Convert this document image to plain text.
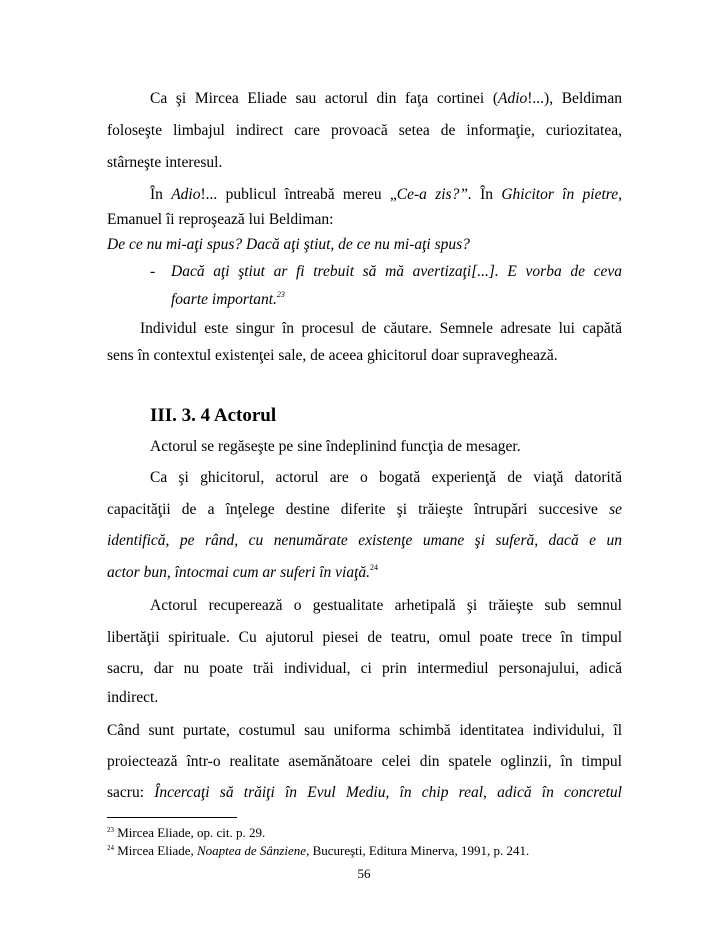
Ca şi Mircea Eliade sau actorul din faţa cortinei (Adio!...), Beldiman
foloseşte limbajul indirect care provoacă setea de informaţie, curiozitatea,
stârneşte interesul.
În Adio!... publicul întreabă mereu „Ce-a zis?”. În Ghicitor în pietre,
Emanuel îi reproşează lui Beldiman:
De ce nu mi-aţi spus? Dacă aţi ştiut, de ce nu mi-aţi spus?
-	Dacă aţi ştiut ar fi trebuit să mă avertizaţi[...]. E vorba de ceva
foarte important.$^{23}$
Individul este singur în procesul de căutare. Semnele adresate lui capătă
sens în contextul existenţei sale, de aceea ghicitorul doar supraveghează.
III. 3. 4 Actorul
Actorul se regăseşte pe sine îndeplinind funcţia de mesager.
Ca şi ghicitorul, actorul are o bogată experienţă de viaţă datorită
capacităţii de a înţelege destine diferite şi trăieşte întrupări succesive se
identifică, pe rând, cu nenumărate existenţe umane şi suferă, dacă e un
actor bun, întocmai cum ar suferi în viaţă.$^{24}$
Actorul recuperează o gestualitate arhetipală şi trăieşte sub semnul
libertăţii spirituale. Cu ajutorul piesei de teatru, omul poate trece în timpul
sacru, dar nu poate trăi individual, ci prin intermediul personajului, adică
indirect.
Când sunt purtate, costumul sau uniforma schimbă identitatea individului, îl
proiectează într-o realitate asemănătoare celei din spatele oglinzii, în timpul
sacru: Încercaţi să trăiţi în Evul Mediu, în chip real, adică în concretul
$^{23}$ Mircea Eliade, op. cit. p. 29.
$^{24}$ Mircea Eliade, Noaptea de Sânziene, Bucureşti, Editura Minerva, 1991, p. 241.
56
